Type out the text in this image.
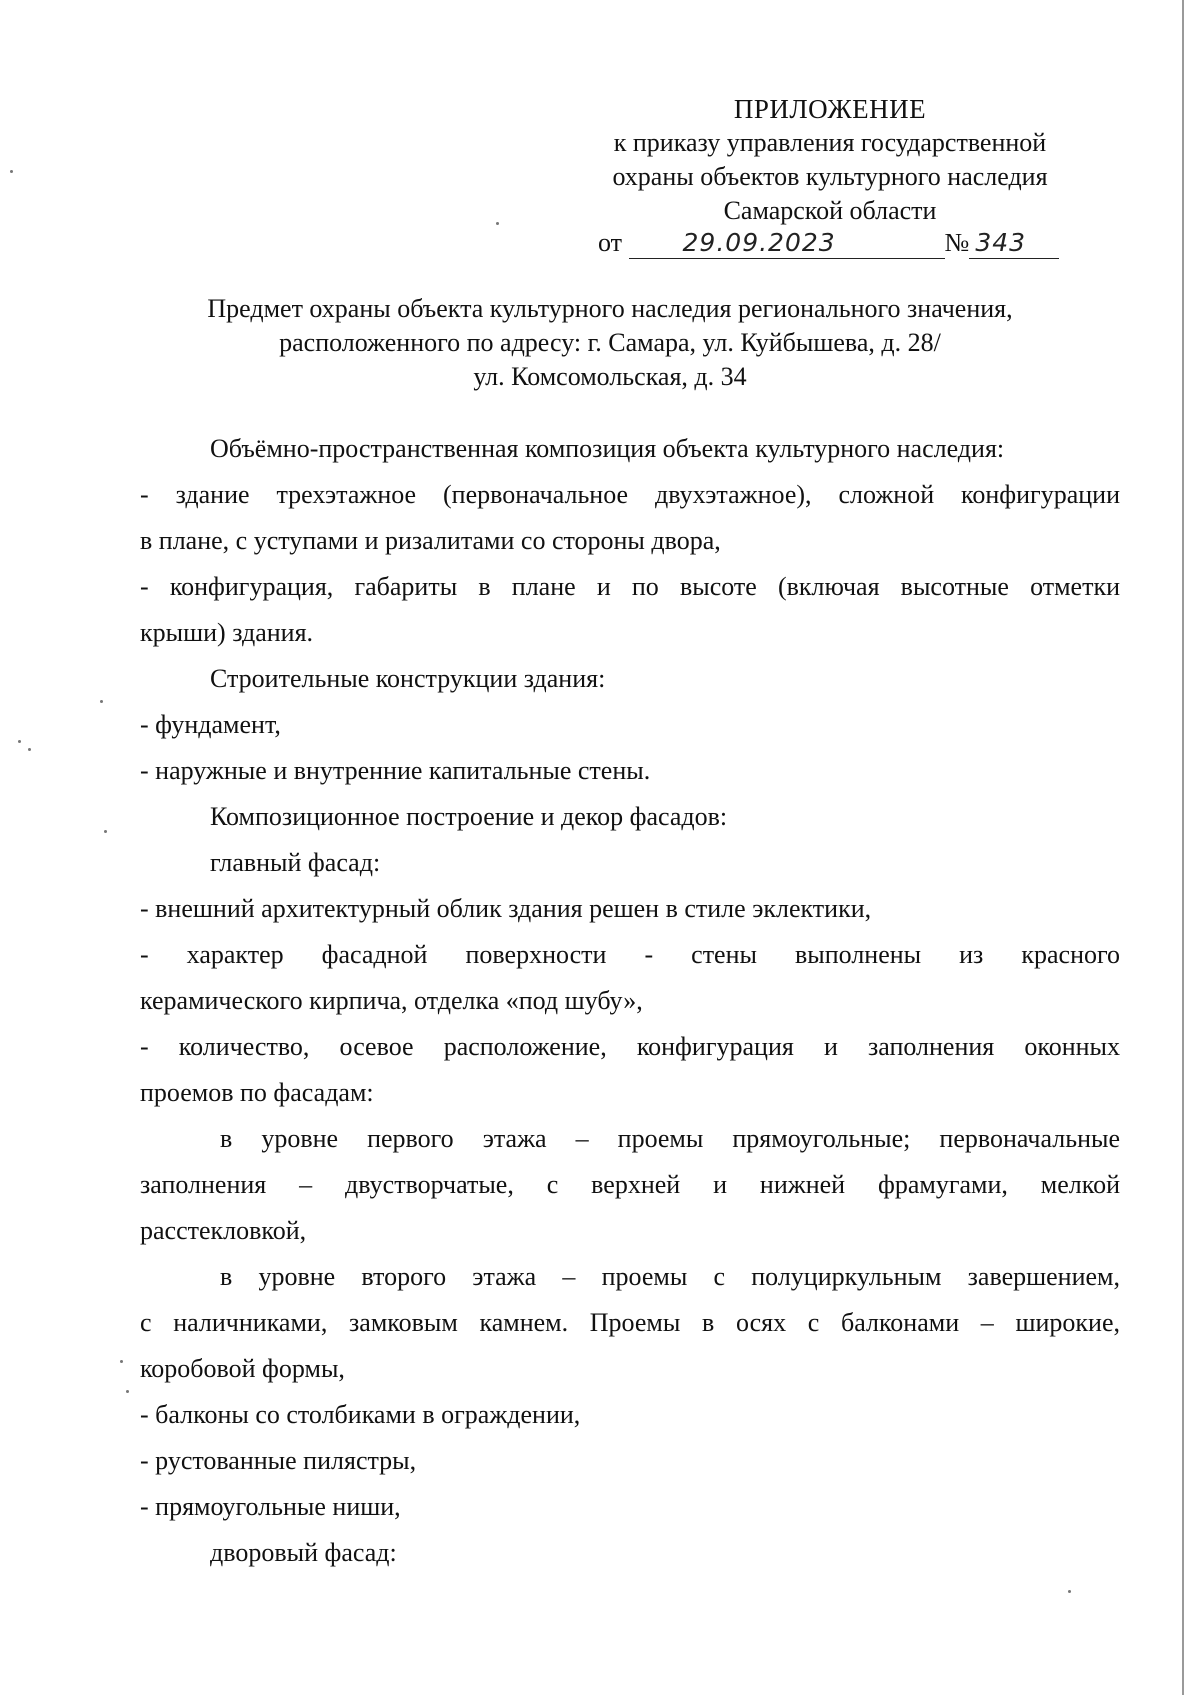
ПРИЛОЖЕНИЕ
к приказу управления государственной
охраны объектов культурного наследия
Самарской области
от 29.09.2023	№ 343
Предмет охраны объекта культурного наследия регионального значения,
расположенного по адресу: г. Самара, ул. Куйбышева, д. 28/
ул. Комсомольская, д. 34
Объёмно-пространственная композиция объекта культурного наследия:
- здание трехэтажное (первоначальное двухэтажное), сложной конфигурации
в плане, с уступами и ризалитами со стороны двора,
- конфигурация, габариты в плане и по высоте (включая высотные отметки
крыши) здания.
Строительные конструкции здания:
- фундамент,
- наружные и внутренние капитальные стены.
Композиционное построение и декор фасадов:
главный фасад:
- внешний архитектурный облик здания решен в стиле эклектики,
- характер фасадной поверхности - стены выполнены из красного
керамического кирпича, отделка «под шубу»,
- количество, осевое расположение, конфигурация и заполнения оконных
проемов по фасадам:
в уровне первого этажа – проемы прямоугольные; первоначальные
заполнения – двустворчатые, с верхней и нижней фрамугами, мелкой
расстекловкой,
в уровне второго этажа – проемы с полуциркульным завершением,
с наличниками, замковым камнем. Проемы в осях с балконами – широкие,
коробовой формы,
- балконы со столбиками в ограждении,
- рустованные пилястры,
- прямоугольные ниши,
дворовый фасад:
